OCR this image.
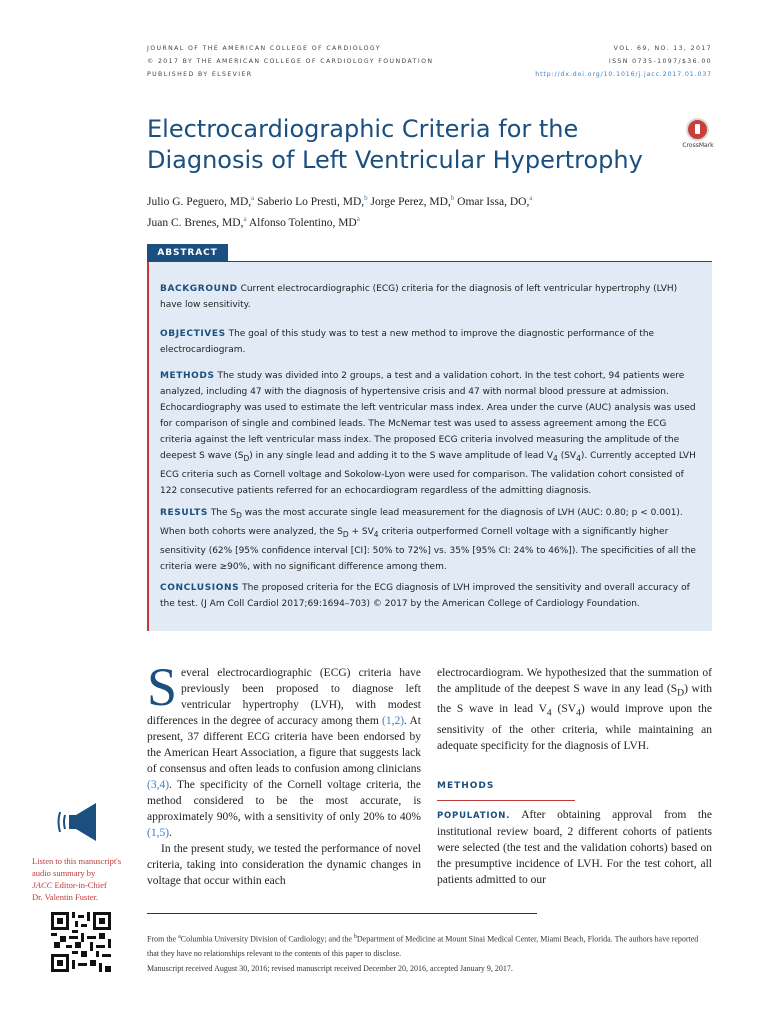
JOURNAL OF THE AMERICAN COLLEGE OF CARDIOLOGY
© 2017 BY THE AMERICAN COLLEGE OF CARDIOLOGY FOUNDATION
PUBLISHED BY ELSEVIER
VOL. 69, NO. 13, 2017
ISSN 0735-1097/$36.00
http://dx.doi.org/10.1016/j.jacc.2017.01.037
Electrocardiographic Criteria for the Diagnosis of Left Ventricular Hypertrophy
CrossMark
Julio G. Peguero, MD,$^a$ Saberio Lo Presti, MD,$^b$ Jorge Perez, MD,$^b$ Omar Issa, DO,$^a$
Juan C. Brenes, MD,$^a$ Alfonso Tolentino, $MD^a$
ABSTRACT

BACKGROUND Current electrocardiographic (ECG) criteria for the diagnosis of left ventricular hypertrophy (LVH) have low sensitivity.

OBJECTIVES The goal of this study was to test a new method to improve the diagnostic performance of the electrocardiogram.

METHODS The study was divided into 2 groups, a test and a validation cohort. In the test cohort, 94 patients were analyzed, including 47 with the diagnosis of hypertensive crisis and 47 with normal blood pressure at admission. Echocardiography was used to estimate the left ventricular mass index. Area under the curve (AUC) analysis was used for comparison of single and combined leads. The McNemar test was used to assess agreement among the ECG criteria against the left ventricular mass index. The proposed ECG criteria involved measuring the amplitude of the deepest S wave $(S_D)$ in any single lead and adding it to the S wave amplitude of lead $V_4$ $(SV_4)$. Currently accepted LVH ECG criteria such as Cornell voltage and Sokolow-Lyon were used for comparison. The validation cohort consisted of 122 consecutive patients referred for an echocardiogram regardless of the admitting diagnosis.

RESULTS The $S_D$ was the most accurate single lead measurement for the diagnosis of LVH (AUC: 0.80; p < 0.001). When both cohorts were analyzed, the $S_D + SV_4$ criteria outperformed Cornell voltage with a significantly higher sensitivity (62% [95% confidence interval [CI]: 50% to 72%] vs. 35% [95% CI: 24% to 46%]). The specificities of all the criteria were ≥90%, with no significant difference among them.

CONCLUSIONS The proposed criteria for the ECG diagnosis of LVH improved the sensitivity and overall accuracy of the test. (J Am Coll Cardiol 2017;69:1694–703) © 2017 by the American College of Cardiology Foundation.

Several electrocardiographic (ECG) criteria have previously been proposed to diagnose left ventricular hypertrophy (LVH), with modest differences in the degree of accuracy among them (1,2). At present, 37 different ECG criteria have been endorsed by the American Heart Association, a figure that suggests lack of consensus and often leads to confusion among clinicians (3,4). The specificity of the Cornell voltage criteria, the method considered to be the most accurate, is approximately 90%, with a sensitivity of only 20% to 40% (1,5).
In the present study, we tested the performance of novel criteria, taking into consideration the dynamic changes in voltage that occur within each
electrocardiogram. We hypothesized that the summation of the amplitude of the deepest S wave in any lead $(S_D)$ with the S wave in lead $V_4$ $(SV_4)$ would improve upon the sensitivity of the other criteria, while maintaining an adequate specificity for the diagnosis of LVH.
METHODS

POPULATION. After obtaining approval from the institutional review board, 2 different cohorts of patients were selected (the test and the validation cohorts) based on the presumptive incidence of LVH. For the test cohort, all patients admitted to our

Listen to this manuscript's
audio summary by
JACC Editor-in-Chief
Dr. Valentin Fuster.

From the $^a$Columbia University Division of Cardiology; and the $^b$Department of Medicine at Mount Sinai Medical Center, Miami Beach, Florida. The authors have reported that they have no relationships relevant to the contents of this paper to disclose.

Manuscript received August 30, 2016; revised manuscript received December 20, 2016, accepted January 9, 2017.
